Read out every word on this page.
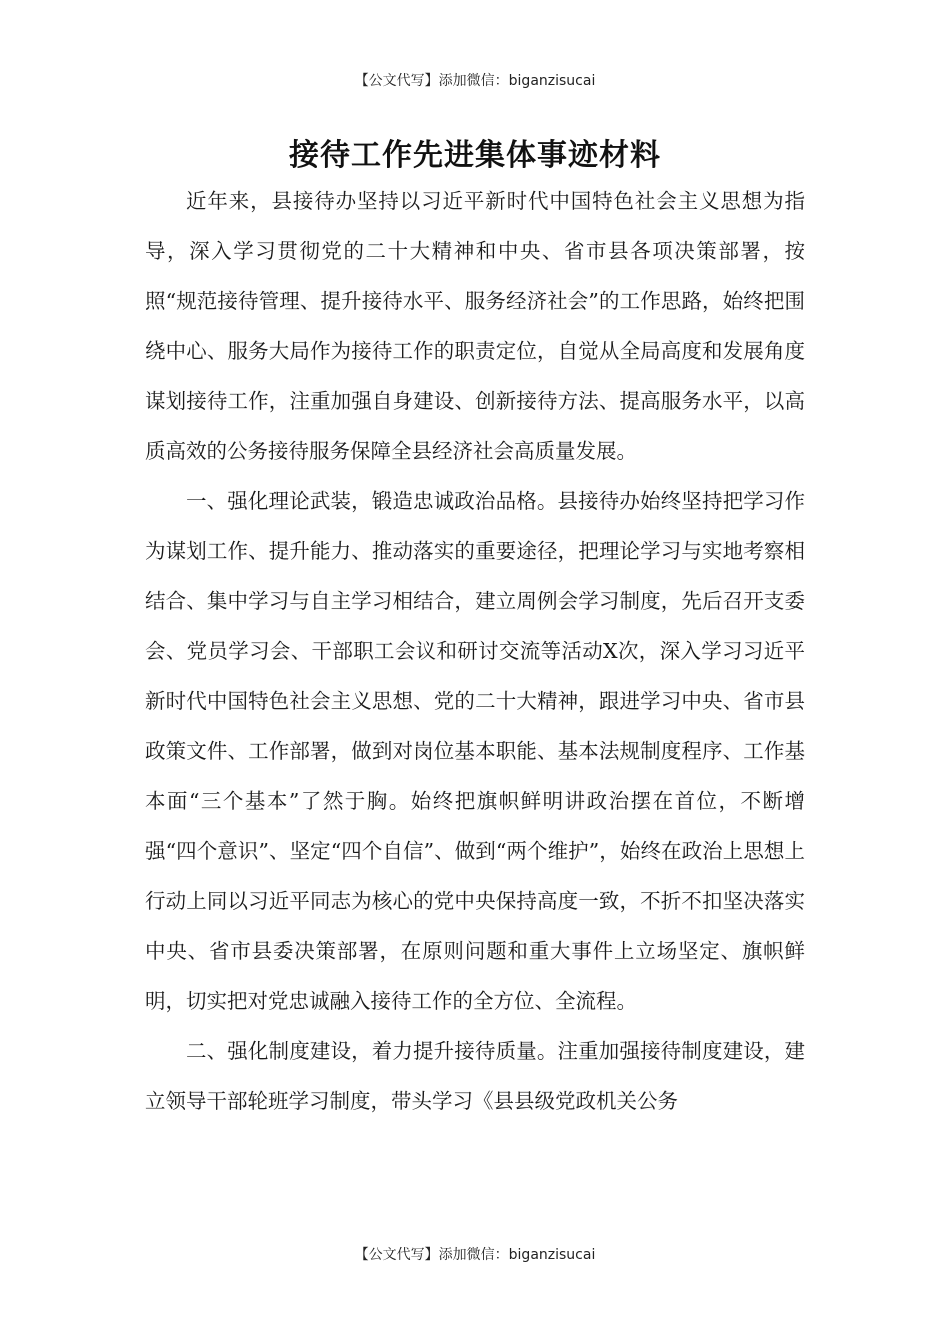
【公文代写】添加微信：biganzisucai
接待工作先进集体事迹材料

近年来，县接待办坚持以习近平新时代中国特色社会主义思想为指导，深入学习贯彻党的二十大精神和中央、省市县各项决策部署，按照“规范接待管理、提升接待水平、服务经济社会”的工作思路，始终把围绕中心、服务大局作为接待工作的职责定位，自觉从全局高度和发展角度谋划接待工作，注重加强自身建设、创新接待方法、提高服务水平，以高质高效的公务接待服务保障全县经济社会高质量发展。

一、强化理论武装，锻造忠诚政治品格。县接待办始终坚持把学习作为谋划工作、提升能力、推动落实的重要途径，把理论学习与实地考察相结合、集中学习与自主学习相结合，建立周例会学习制度，先后召开支委会、党员学习会、干部职工会议和研讨交流等活动X次，深入学习习近平新时代中国特色社会主义思想、党的二十大精神，跟进学习中央、省市县政策文件、工作部署，做到对岗位基本职能、基本法规制度程序、工作基本面“三个基本”了然于胸。始终把旗帜鲜明讲政治摆在首位，不断增强“四个意识”、坚定“四个自信”、做到“两个维护”，始终在政治上思想上行动上同以习近平同志为核心的党中央保持高度一致，不折不扣坚决落实中央、省市县委决策部署，在原则问题和重大事件上立场坚定、旗帜鲜明，切实把对党忠诚融入接待工作的全方位、全流程。

二、强化制度建设，着力提升接待质量。注重加强接待制度建设，建立领导干部轮班学习制度，带头学习《县县级党政机关公务

【公文代写】添加微信：biganzisucai
